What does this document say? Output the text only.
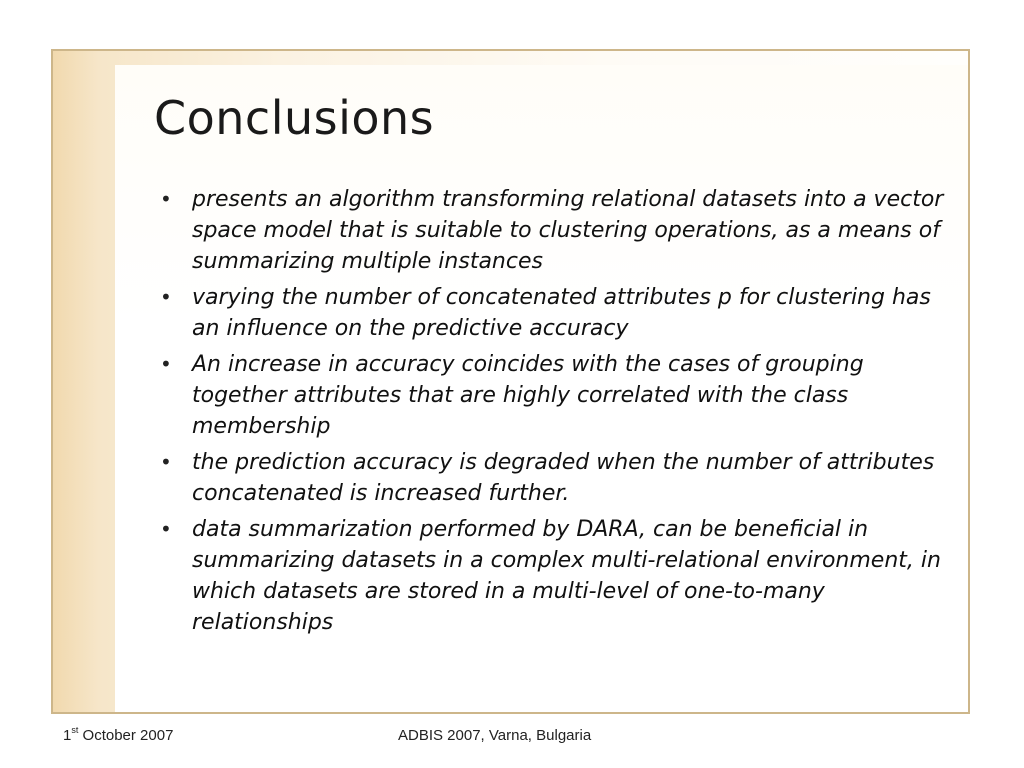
Conclusions
• presents an algorithm transforming relational datasets into a vector space model that is suitable to clustering operations, as a means of summarizing multiple instances
• varying the number of concatenated attributes p for clustering has an influence on the predictive accuracy
• An increase in accuracy coincides with the cases of grouping together attributes that are highly correlated with the class membership
• the prediction accuracy is degraded when the number of attributes concatenated is increased further.
• data summarization performed by DARA, can be beneficial in summarizing datasets in a complex multi-relational environment, in which datasets are stored in a multi-level of one-to-many relationships
1st October 2007	ADBIS 2007, Varna, Bulgaria
